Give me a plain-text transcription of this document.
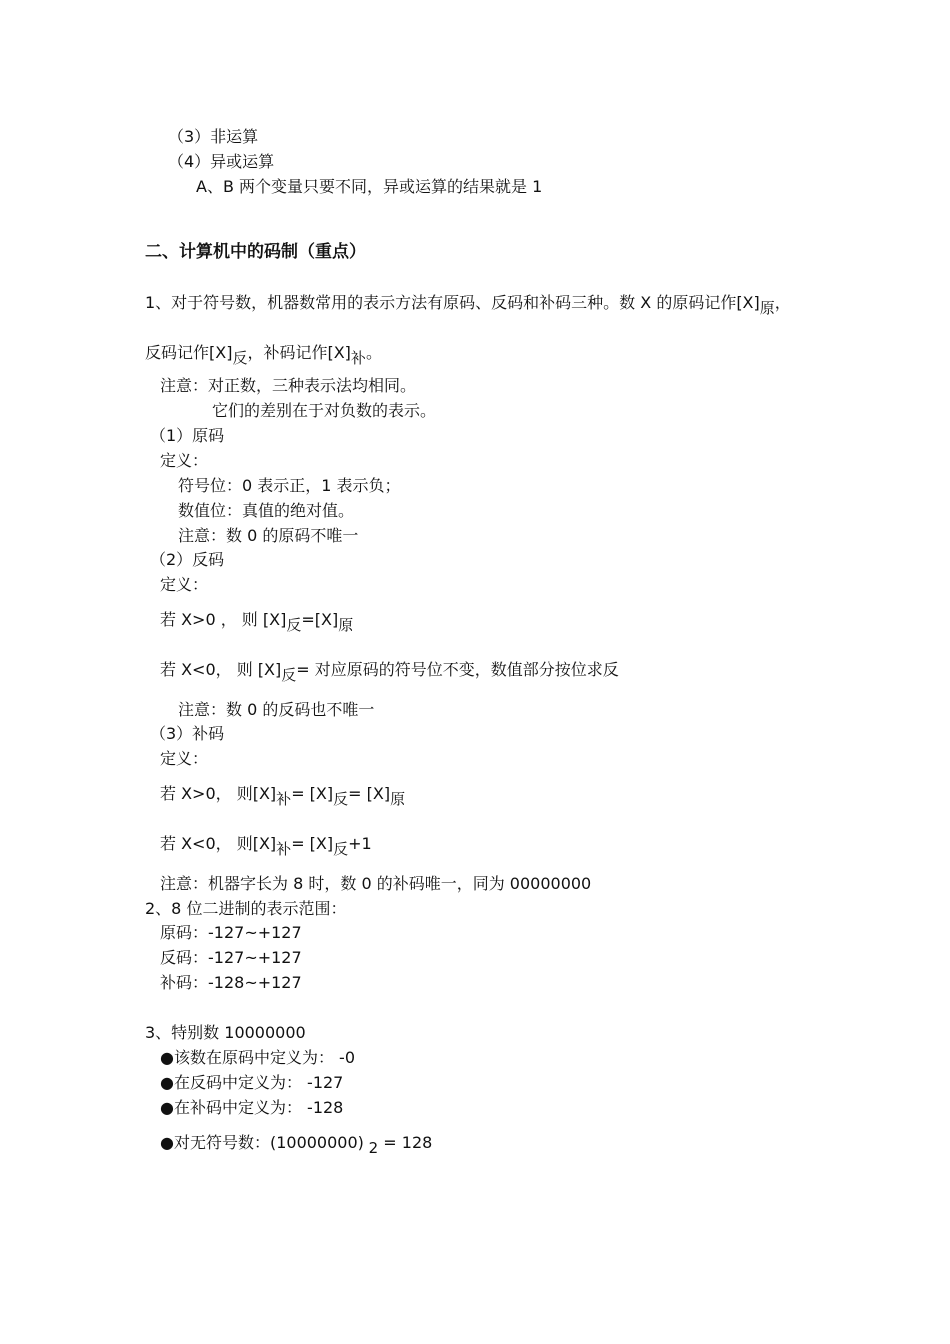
（3）非运算
（4）异或运算
A、B 两个变量只要不同，异或运算的结果就是 1
二、计算机中的码制（重点）
1、对于符号数，机器数常用的表示方法有原码、反码和补码三种。数 X 的原码记作$[X]_原$，
反码记作$[X]_反$，补码记作$[X]_补$。
注意：对正数，三种表示法均相同。
它们的差别在于对负数的表示。
（1）原码
定义：
符号位：0 表示正，1 表示负；
数值位：真值的绝对值。
注意：数 0 的原码不唯一
（2）反码
定义：
若 X>0 ， 则 $[X]_反=[X]_原$
若 X<0， 则 $[X]_反=$ 对应原码的符号位不变，数值部分按位求反
注意：数 0 的反码也不唯一
（3）补码
定义：
若 X>0， 则$[X]_补= [X]_反= [X]_原$
若 X<0， 则$[X]_补= [X]_反+1$
注意：机器字长为 8 时，数 0 的补码唯一，同为 00000000
2、8 位二进制的表示范围：
原码：-127~+127
反码：-127~+127
补码：-128~+127
3、特别数 10000000
●该数在原码中定义为： -0
●在反码中定义为： -127
●在补码中定义为： -128
●对无符号数：(10000000) $_2$ = 128
